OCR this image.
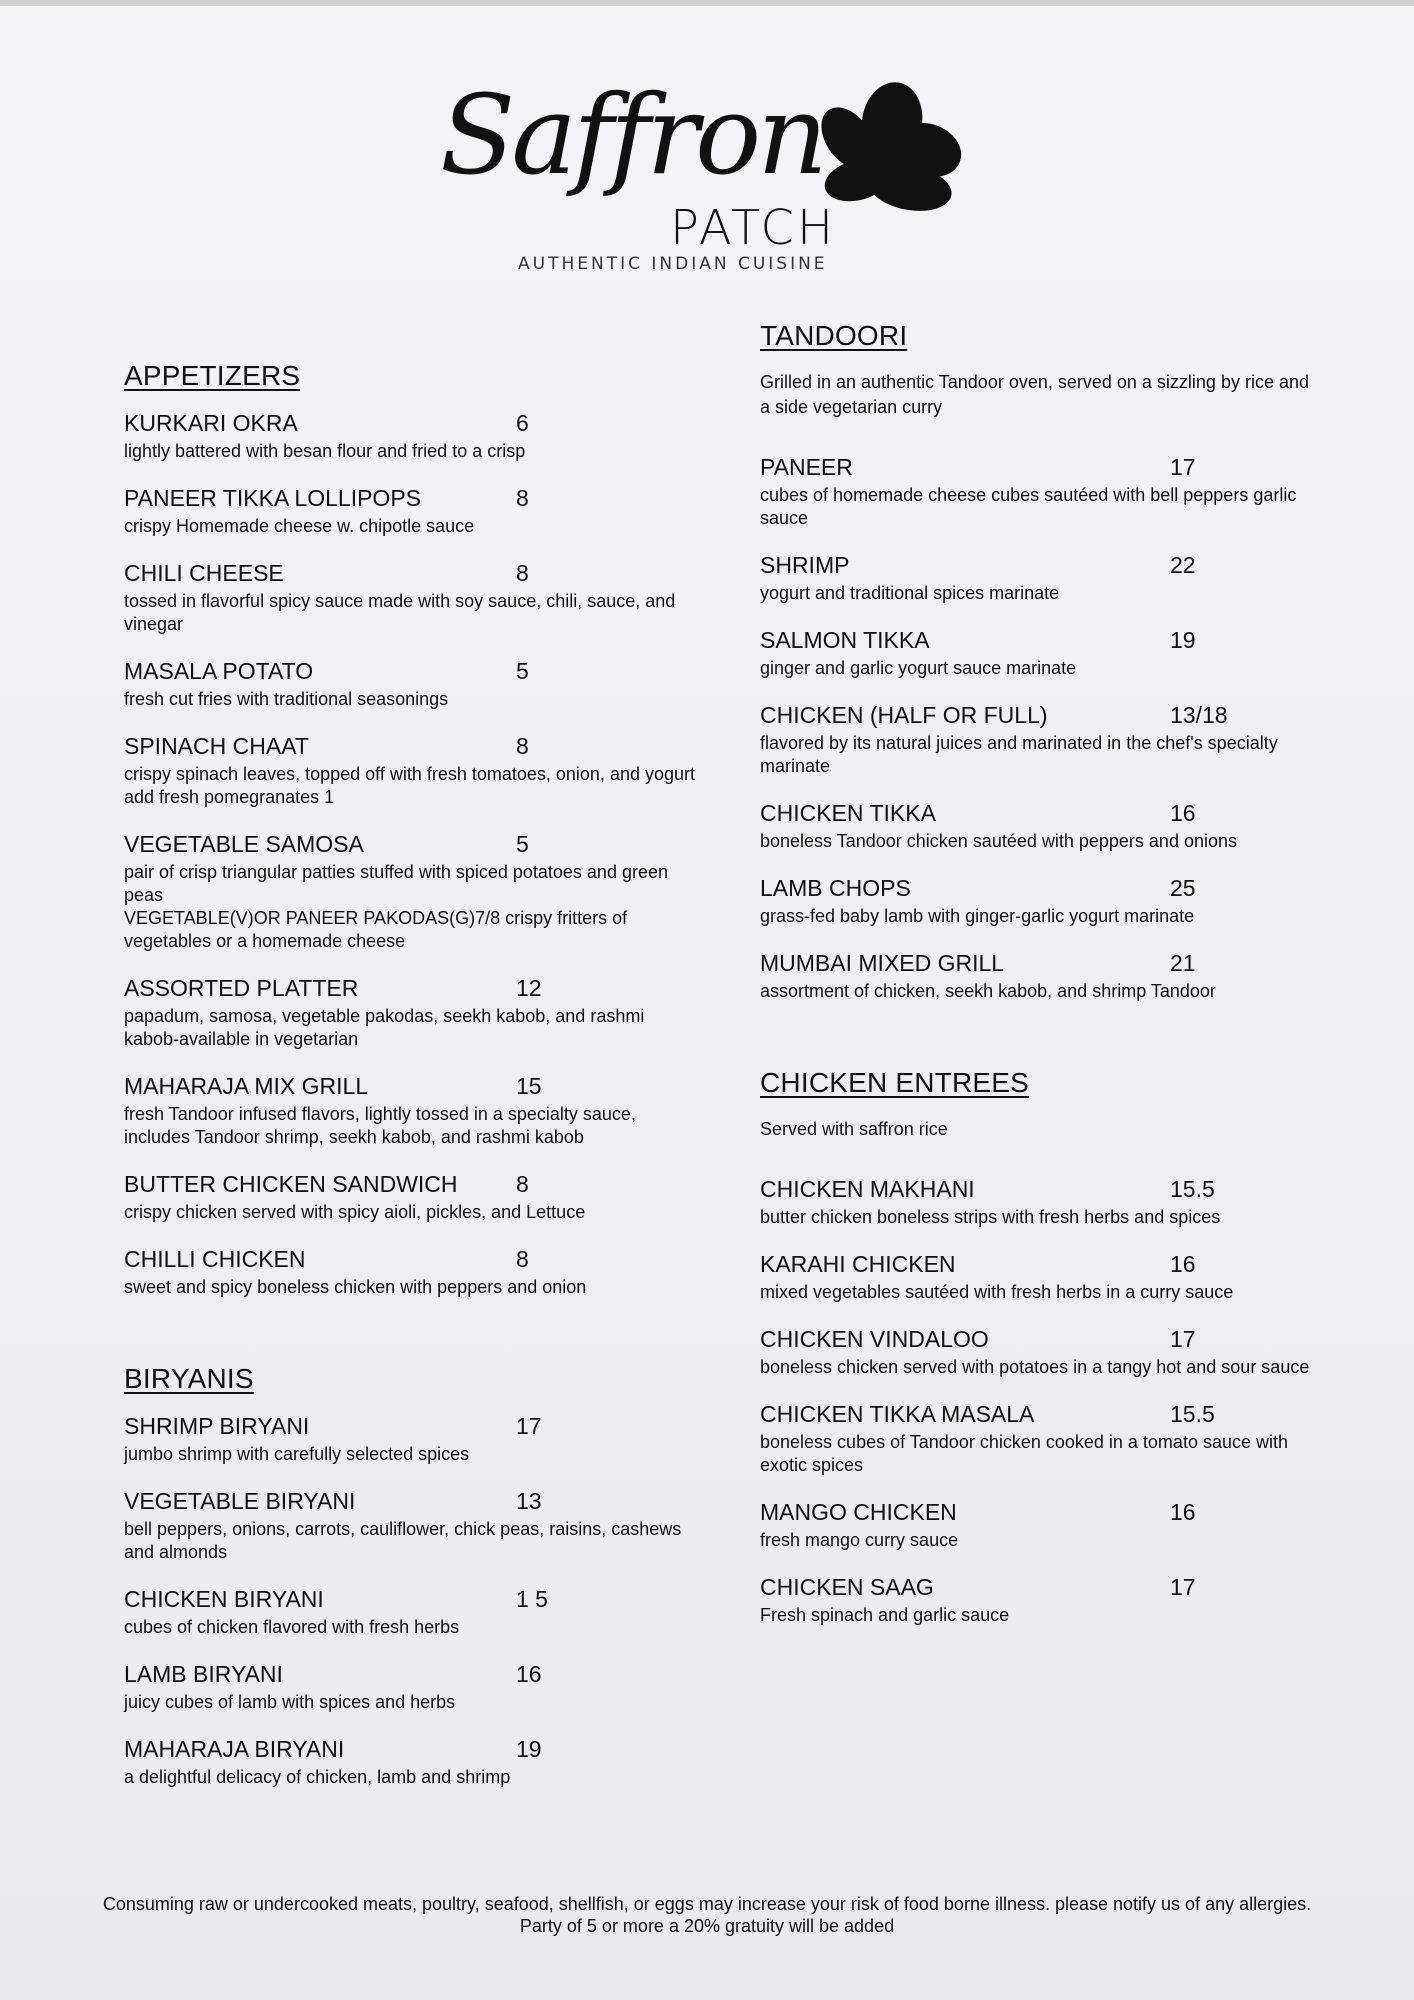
Saffron
PATCH
AUTHENTIC INDIAN CUISINE
APPETIZERS
KURKARI OKRA	6
lightly battered with besan flour and fried to a crisp
PANEER TIKKA LOLLIPOPS	8
crispy Homemade cheese w. chipotle sauce
CHILI CHEESE	8
tossed in flavorful spicy sauce made with soy sauce, chili, sauce, and vinegar
MASALA POTATO	5
fresh cut fries with traditional seasonings
SPINACH CHAAT	8
crispy spinach leaves, topped off with fresh tomatoes, onion, and yogurt
add fresh pomegranates 1
VEGETABLE SAMOSA	5
pair of crisp triangular patties stuffed with spiced potatoes and green peas
VEGETABLE(V)OR PANEER PAKODAS(G)7/8 crispy fritters of vegetables or a homemade cheese
ASSORTED PLATTER	12
papadum, samosa, vegetable pakodas, seekh kabob, and rashmi kabob-available in vegetarian
MAHARAJA MIX GRILL	15
fresh Tandoor infused flavors, lightly tossed in a specialty sauce, includes Tandoor shrimp, seekh kabob, and rashmi kabob
BUTTER CHICKEN SANDWICH	8
crispy chicken served with spicy aioli, pickles, and Lettuce
CHILLI CHICKEN	8
sweet and spicy boneless chicken with peppers and onion
BIRYANIS
SHRIMP BIRYANI	17
jumbo shrimp with carefully selected spices
VEGETABLE BIRYANI	13
bell peppers, onions, carrots, cauliflower, chick peas, raisins, cashews and almonds
CHICKEN BIRYANI	1 5
cubes of chicken flavored with fresh herbs
LAMB BIRYANI	16
juicy cubes of lamb with spices and herbs
MAHARAJA BIRYANI	19
a delightful delicacy of chicken, lamb and shrimp
TANDOORI
Grilled in an authentic Tandoor oven, served on a sizzling by rice and a side vegetarian curry
PANEER	17
cubes of homemade cheese cubes sautéed with bell peppers garlic sauce
SHRIMP	22
yogurt and traditional spices marinate
SALMON TIKKA	19
ginger and garlic yogurt sauce marinate
CHICKEN (HALF OR FULL)	13/18
flavored by its natural juices and marinated in the chef's specialty marinate
CHICKEN TIKKA	16
boneless Tandoor chicken sautéed with peppers and onions
LAMB CHOPS	25
grass-fed baby lamb with ginger-garlic yogurt marinate
MUMBAI MIXED GRILL	21
assortment of chicken, seekh kabob, and shrimp Tandoor
CHICKEN ENTREES
Served with saffron rice
CHICKEN MAKHANI	15.5
butter chicken boneless strips with fresh herbs and spices
KARAHI CHICKEN	16
mixed vegetables sautéed with fresh herbs in a curry sauce
CHICKEN VINDALOO	17
boneless chicken served with potatoes in a tangy hot and sour sauce
CHICKEN TIKKA MASALA	15.5
boneless cubes of Tandoor chicken cooked in a tomato sauce with exotic spices
MANGO CHICKEN	16
fresh mango curry sauce
CHICKEN SAAG	17
Fresh spinach and garlic sauce
Consuming raw or undercooked meats, poultry, seafood, shellfish, or eggs may increase your risk of food borne illness. please notify us of any allergies.
Party of 5 or more a 20% gratuity will be added
